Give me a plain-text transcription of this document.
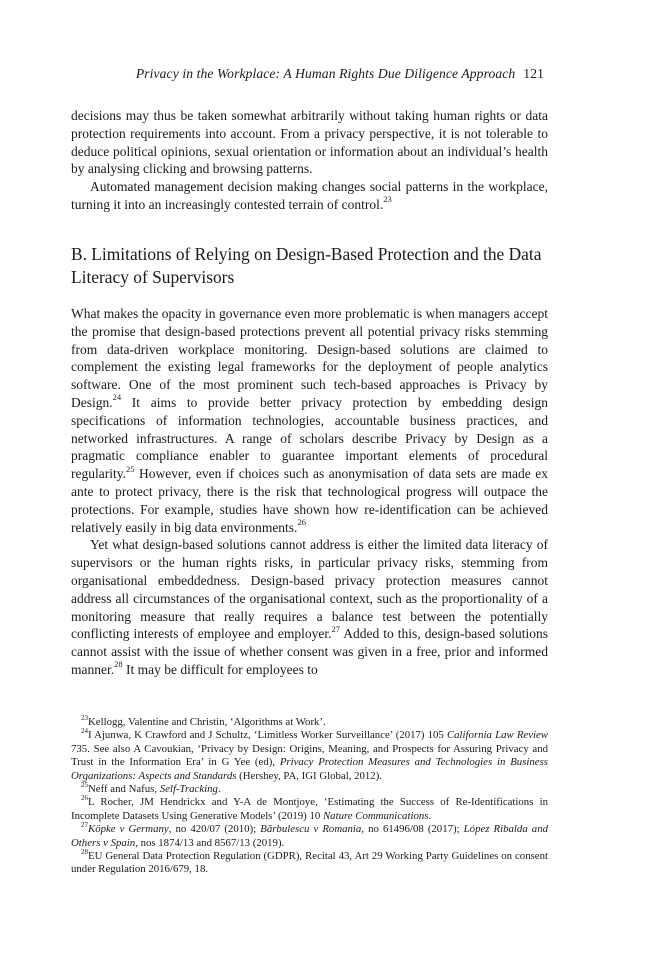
Privacy in the Workplace: A Human Rights Due Diligence Approach 121

decisions may thus be taken somewhat arbitrarily without taking human rights or data protection requirements into account. From a privacy perspective, it is not tolerable to deduce political opinions, sexual orientation or information about an individual’s health by analysing clicking and browsing patterns.

Automated management decision making changes social patterns in the workplace, turning it into an increasingly contested terrain of control.$^{23}$

B. Limitations of Relying on Design-Based Protection and the Data Literacy of Supervisors

What makes the opacity in governance even more problematic is when managers accept the promise that design-based protections prevent all potential privacy risks stemming from data-driven workplace monitoring. Design-based solutions are claimed to complement the existing legal frameworks for the deployment of people analytics software. One of the most prominent such tech-based approaches is Privacy by Design.$^{24}$ It aims to provide better privacy protection by embedding design specifications of information technologies, accountable business practices, and networked infrastructures. A range of scholars describe Privacy by Design as a pragmatic compliance enabler to guarantee important elements of procedural regularity.$^{25}$ However, even if choices such as anonymisation of data sets are made ex ante to protect privacy, there is the risk that technological progress will outpace the protections. For example, studies have shown how re-identification can be achieved relatively easily in big data environments.$^{26}$

Yet what design-based solutions cannot address is either the limited data literacy of supervisors or the human rights risks, in particular privacy risks, stemming from organisational embeddedness. Design-based privacy protection measures cannot address all circumstances of the organisational context, such as the proportionality of a monitoring measure that really requires a balance test between the potentially conflicting interests of employee and employer.$^{27}$ Added to this, design-based solutions cannot assist with the issue of whether consent was given in a free, prior and informed manner.$^{28}$ It may be difficult for employees to

$^{23}$Kellogg, Valentine and Christin, ‘Algorithms at Work’.

$^{24}$I Ajunwa, K Crawford and J Schultz, ‘Limitless Worker Surveillance’ (2017) 105 California Law Review 735. See also A Cavoukian, ‘Privacy by Design: Origins, Meaning, and Prospects for Assuring Privacy and Trust in the Information Era’ in G Yee (ed), Privacy Protection Measures and Technologies in Business Organizations: Aspects and Standards (Hershey, PA, IGI Global, 2012).

$^{25}$Neff and Nafus, Self-Tracking.

$^{26}$L Rocher, JM Hendrickx and Y-A de Montjoye, ‘Estimating the Success of Re-Identifications in Incomplete Datasets Using Generative Models’ (2019) 10 Nature Communications.

$^{27}$Köpke v Germany, no 420/07 (2010); Bărbulescu v Romania, no 61496/08 (2017); López Ribalda and Others v Spain, nos 1874/13 and 8567/13 (2019).

$^{28}$EU General Data Protection Regulation (GDPR), Recital 43, Art 29 Working Party Guidelines on consent under Regulation 2016/679, 18.
